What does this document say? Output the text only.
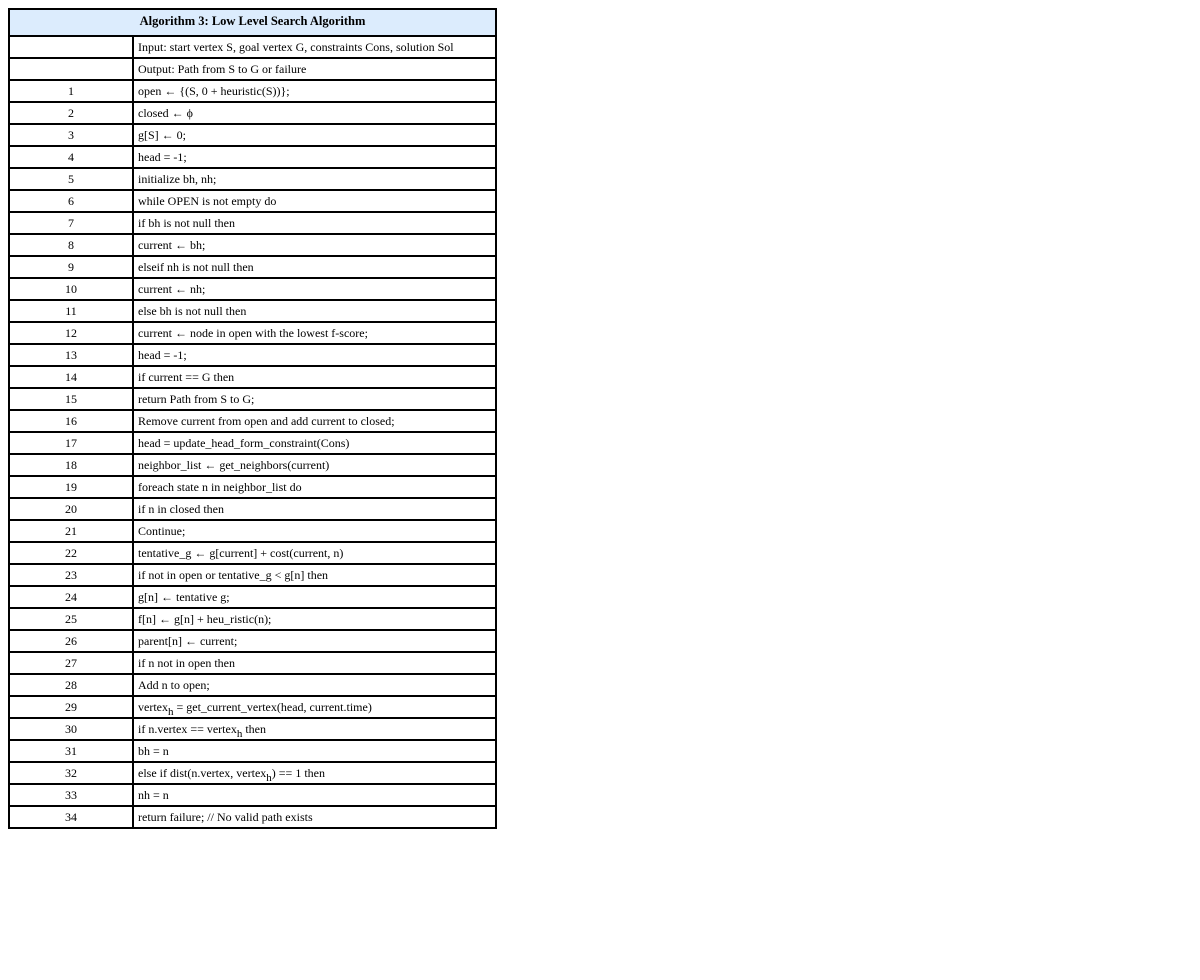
Algorithm 3: Low Level Search Algorithm	
	Input: start vertex S, goal vertex G, constraints Cons, solution Sol
	Output: Path from S to G or failure
1	open ← {(S, 0 + heuristic(S))};
2	closed ← ϕ
3	g[S] ← 0;
4	head = -1;
5	initialize bh, nh;
6	while OPEN is not empty do
7	if bh is not null then
8	current ← bh;
9	elseif nh is not null then
10	current ← nh;
11	else bh is not null then
12	current ← node in open with the lowest f-score;
13	head = -1;
14	if current == G then
15	return Path from S to G;
16	Remove current from open and add current to closed;
17	head = update_head_form_constraint(Cons)
18	neighbor_list ← get_neighbors(current)
19	foreach state n in neighbor_list do
20	if n in closed then
21	Continue;
22	tentative_g ← g[current] + cost(current, n)
23	if not in open or tentative_g < g[n] then
24	g[n] ← tentative g;
25	f[n] ← g[n] + heu_ristic(n);
26	parent[n] ← current;
27	if n not in open then
28	Add n to open;
29	vertexh = get_current_vertex(head, current.time)
30	if n.vertex == vertexh then
31	bh = n
32	else if dist(n.vertex, vertexh) == 1 then
33	nh = n
34	return failure; // No valid path exists
